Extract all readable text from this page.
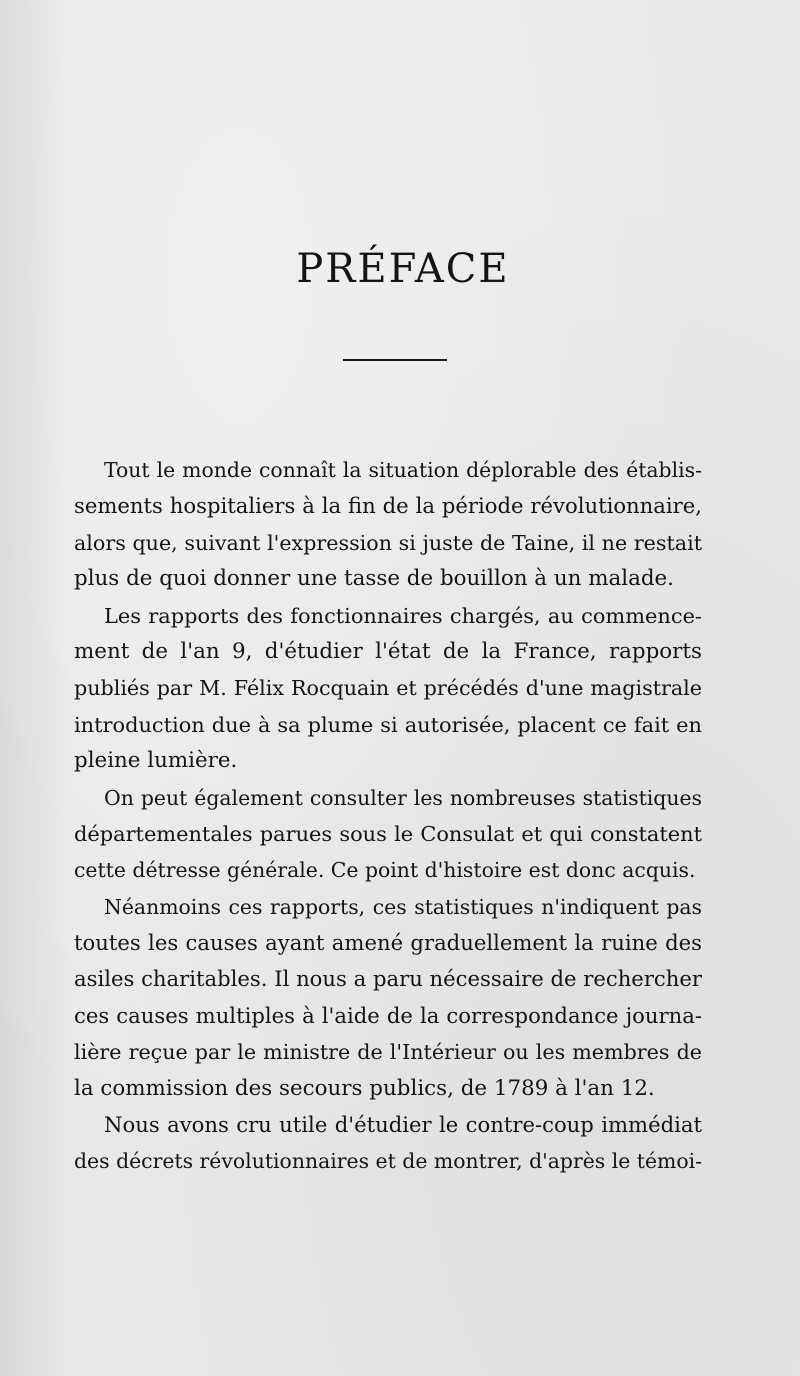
PRÉFACE
Tout le monde connaît la situation déplorable des établis-
sements hospitaliers à la fin de la période révolutionnaire,
alors que, suivant l'expression si juste de Taine, il ne restait
plus de quoi donner une tasse de bouillon à un malade.
Les rapports des fonctionnaires chargés, au commence-
ment de l'an 9, d'étudier l'état de la France, rapports
publiés par M. Félix Rocquain et précédés d'une magistrale
introduction due à sa plume si autorisée, placent ce fait en
pleine lumière.
On peut également consulter les nombreuses statistiques
départementales parues sous le Consulat et qui constatent
cette détresse générale. Ce point d'histoire est donc acquis.
Néanmoins ces rapports, ces statistiques n'indiquent pas
toutes les causes ayant amené graduellement la ruine des
asiles charitables. Il nous a paru nécessaire de rechercher
ces causes multiples à l'aide de la correspondance journa-
lière reçue par le ministre de l'Intérieur ou les membres de
la commission des secours publics, de 1789 à l'an 12.
Nous avons cru utile d'étudier le contre-coup immédiat
des décrets révolutionnaires et de montrer, d'après le témoi-
